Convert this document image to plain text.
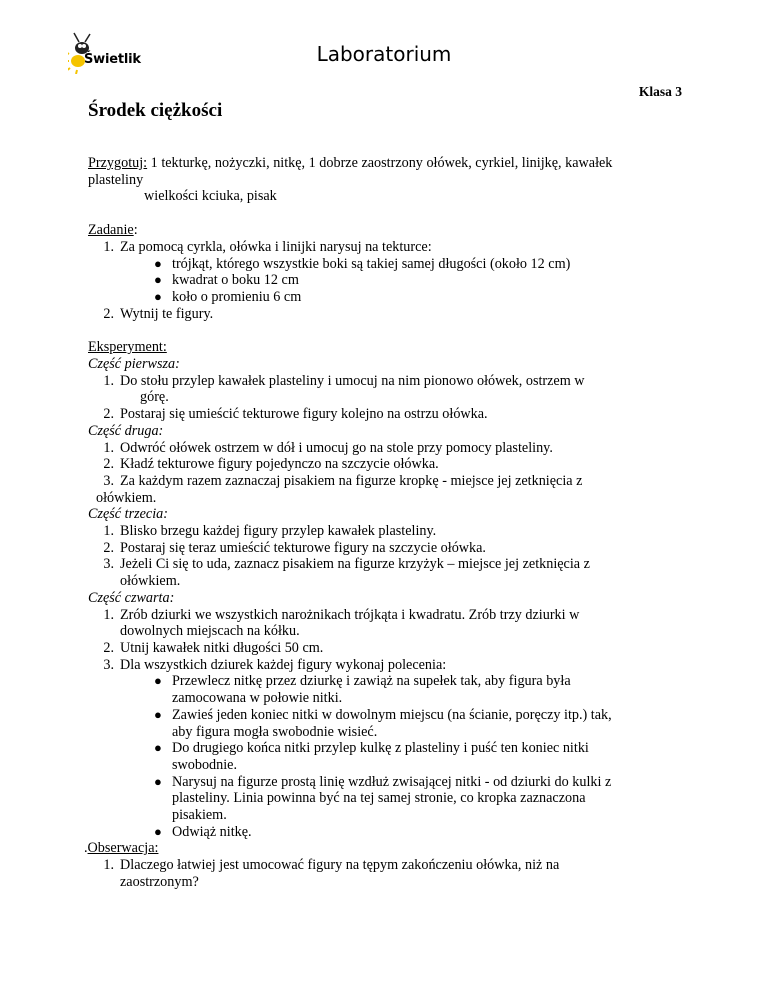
Świetlik	Laboratorium
Klasa 3
Środek ciężkości
Przygotuj: 1 tekturkę, nożyczki, nitkę, 1 dobrze zaostrzony ołówek, cyrkiel, linijkę, kawałek
plasteliny
wielkości kciuka, pisak
Zadanie:
1. Za pomocą cyrkla, ołówka i linijki narysuj na tekturce:
● trójkąt, którego wszystkie boki są takiej samej długości (około 12 cm)
● kwadrat o boku 12 cm
● koło o promieniu 6 cm
2. Wytnij te figury.
Eksperyment:
Część pierwsza:
1. Do stołu przylep kawałek plasteliny i umocuj na nim pionowo ołówek, ostrzem w
górę.
2. Postaraj się umieścić tekturowe figury kolejno na ostrzu ołówka.
Część druga:
1. Odwróć ołówek ostrzem w dół i umocuj go na stole przy pomocy plasteliny.
2. Kładź tekturowe figury pojedynczo na szczycie ołówka.
3. Za każdym razem zaznaczaj pisakiem na figurze kropkę - miejsce jej zetknięcia z
ołówkiem.
Część trzecia:
1. Blisko brzegu każdej figury przylep kawałek plasteliny.
2. Postaraj się teraz umieścić tekturowe figury na szczycie ołówka.
3. Jeżeli Ci się to uda, zaznacz pisakiem na figurze krzyżyk – miejsce jej zetknięcia z
ołówkiem.
Część czwarta:
1. Zrób dziurki we wszystkich narożnikach trójkąta i kwadratu. Zrób trzy dziurki w
dowolnych miejscach na kółku.
2. Utnij kawałek nitki długości 50 cm.
3. Dla wszystkich dziurek każdej figury wykonaj polecenia:
● Przewlecz nitkę przez dziurkę i zawiąż na supełek tak, aby figura była
zamocowana w połowie nitki.
● Zawieś jeden koniec nitki w dowolnym miejscu (na ścianie, poręczy itp.) tak,
aby figura mogła swobodnie wisieć.
● Do drugiego końca nitki przylep kulkę z plasteliny i puść ten koniec nitki
swobodnie.
● Narysuj na figurze prostą linię wzdłuż zwisającej nitki - od dziurki do kulki z
plasteliny. Linia powinna być na tej samej stronie, co kropka zaznaczona
pisakiem.
● Odwiąż nitkę.
.Obserwacja:
1. Dlaczego łatwiej jest umocować figury na tępym zakończeniu ołówka, niż na
zaostrzonym?
